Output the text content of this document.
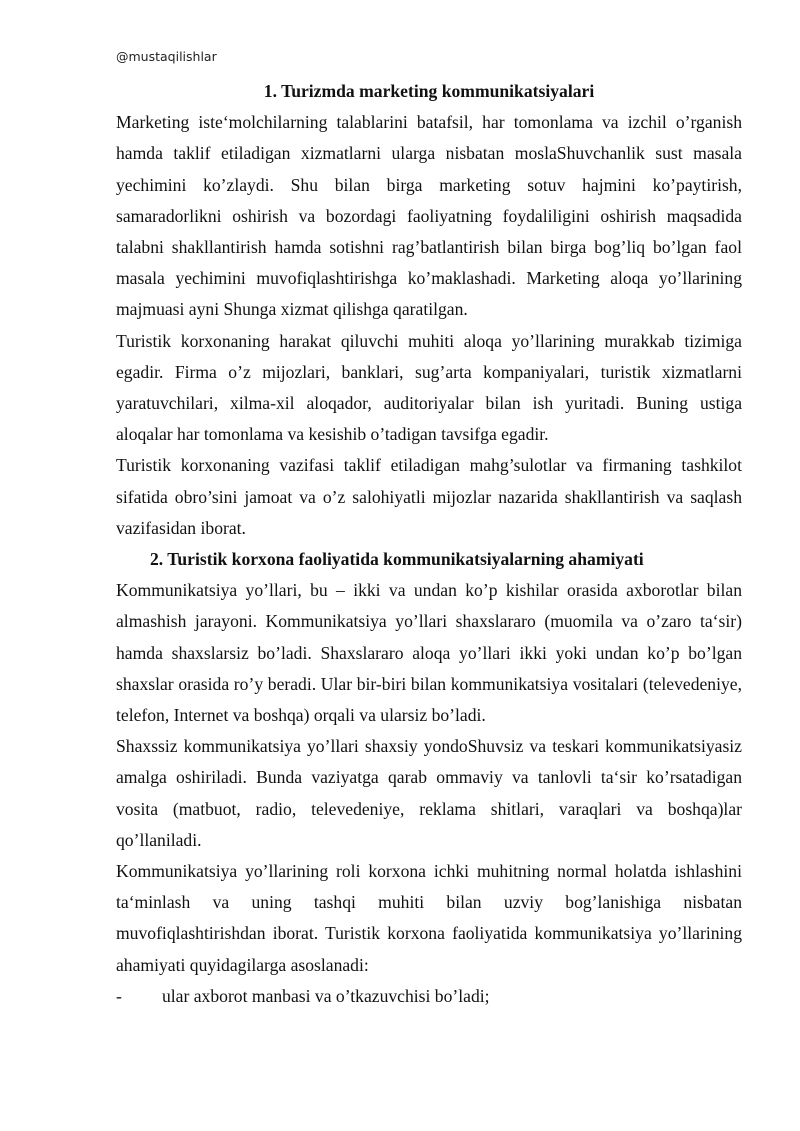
@mustaqilishlar

1. Turizmda marketing kommunikatsiyalari

Marketing iste‘molchilarning talablarini batafsil, har tomonlama va izchil o’rganish hamda taklif etiladigan xizmatlarni ularga nisbatan moslaShuvchanlik sust masala yechimini ko’zlaydi. Shu bilan birga marketing sotuv hajmini ko’paytirish, samaradorlikni oshirish va bozordagi faoliyatning foydaliligini oshirish maqsadida talabni shakllantirish hamda sotishni rag’batlantirish bilan birga bog’liq bo’lgan faol masala yechimini muvofiqlashtirishga ko’maklashadi. Marketing aloqa yo’llarining majmuasi ayni Shunga xizmat qilishga qaratilgan.

Turistik korxonaning harakat qiluvchi muhiti aloqa yo’llarining murakkab tizimiga egadir. Firma o’z mijozlari, banklari, sug’arta kompaniyalari, turistik xizmatlarni yaratuvchilari, xilma-xil aloqador, auditoriyalar bilan ish yuritadi. Buning ustiga aloqalar har tomonlama va kesishib o’tadigan tavsifga egadir.

Turistik korxonaning vazifasi taklif etiladigan mahg’sulotlar va firmaning tashkilot sifatida obro’sini jamoat va o’z salohiyatli mijozlar nazarida shakllantirish va saqlash vazifasidan iborat.

2. Turistik korxona faoliyatida kommunikatsiyalarning ahamiyati

Kommunikatsiya yo’llari, bu – ikki va undan ko’p kishilar orasida axborotlar bilan almashish jarayoni. Kommunikatsiya yo’llari shaxslararo (muomila va o’zaro ta‘sir) hamda shaxslarsiz bo’ladi. Shaxslararo aloqa yo’llari ikki yoki undan ko’p bo’lgan shaxslar orasida ro’y beradi. Ular bir-biri bilan kommunikatsiya vositalari (televedeniye, telefon, Internet va boshqa) orqali va ularsiz bo’ladi.

Shaxssiz kommunikatsiya yo’llari shaxsiy yondoShuvsiz va teskari kommunikatsiyasiz amalga oshiriladi. Bunda vaziyatga qarab ommaviy va tanlovli ta‘sir ko’rsatadigan vosita (matbuot, radio, televedeniye, reklama shitlari, varaqlari va boshqa)lar qo’llaniladi.

Kommunikatsiya yo’llarining roli korxona ichki muhitning normal holatda ishlashini ta‘minlash va uning tashqi muhiti bilan uzviy bog’lanishiga nisbatan muvofiqlashtirishdan iborat. Turistik korxona faoliyatida kommunikatsiya yo’llarining ahamiyati quyidagilarga asoslanadi:

-	ular axborot manbasi va o’tkazuvchisi bo’ladi;
